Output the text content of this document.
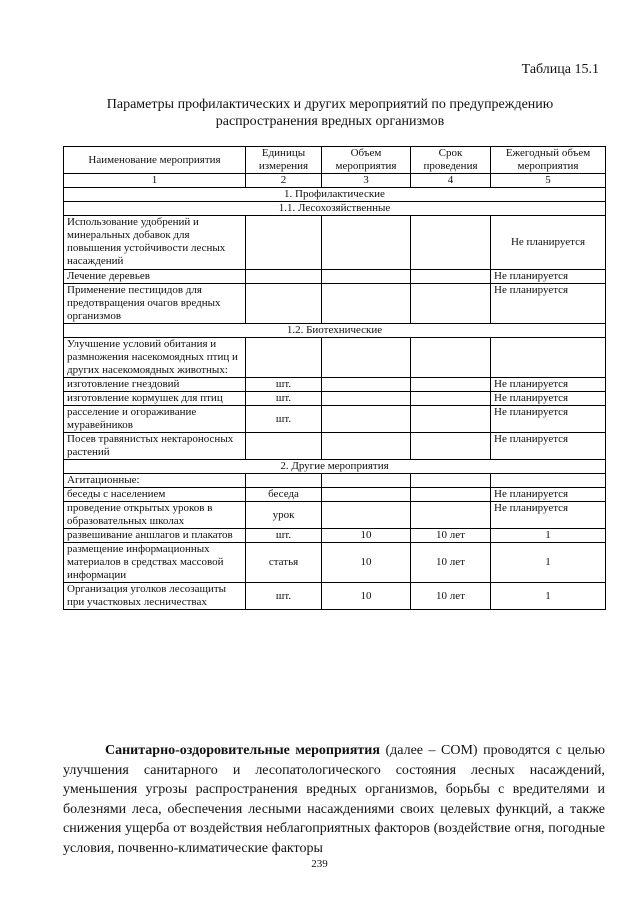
Таблица 15.1
Параметры профилактических и других мероприятий по предупреждению
распространения вредных организмов
Наименование мероприятия	Единицы измерения	Объем мероприятия	Срок проведения	Ежегодный объем мероприятия
1	2	3	4	5
1. Профилактические				
1.1. Лесохозяйственные				
Использование удобрений и минеральных добавок для повышения устойчивости лесных насаждений				Не планируется
Лечение деревьев				Не планируется
Применение пестицидов для предотвращения очагов вредных организмов				Не планируется
1.2. Биотехнические				
Улучшение условий обитания и размножения насекомоядных птиц и других насекомоядных животных:				
изготовление гнездовий	шт.			Не планируется
изготовление кормушек для птиц	шт.			Не планируется
расселение и огораживание муравейников	шт.			Не планируется
Посев травянистых нектароносных растений				Не планируется
2. Другие мероприятия				
Агитационные:				
беседы с населением	беседа			Не планируется
проведение открытых уроков в образовательных школах	урок			Не планируется
развешивание аншлагов и плакатов	шт.	10	10 лет	1
размещение информационных материалов в средствах массовой информации	статья	10	10 лет	1
Организация уголков лесозащиты при участковых лесничествах	шт.	10	10 лет	1
Санитарно-оздоровительные мероприятия (далее – СОМ) проводятся с целью улучшения санитарного и лесопатологического состояния лесных насаждений, уменьшения угрозы распространения вредных организмов, борьбы с вредителями и болезнями леса, обеспечения лесными насаждениями своих целевых функций, а также снижения ущерба от воздействия неблагоприятных факторов (воздействие огня, погодные условия, почвенно-климатические факторы
239
